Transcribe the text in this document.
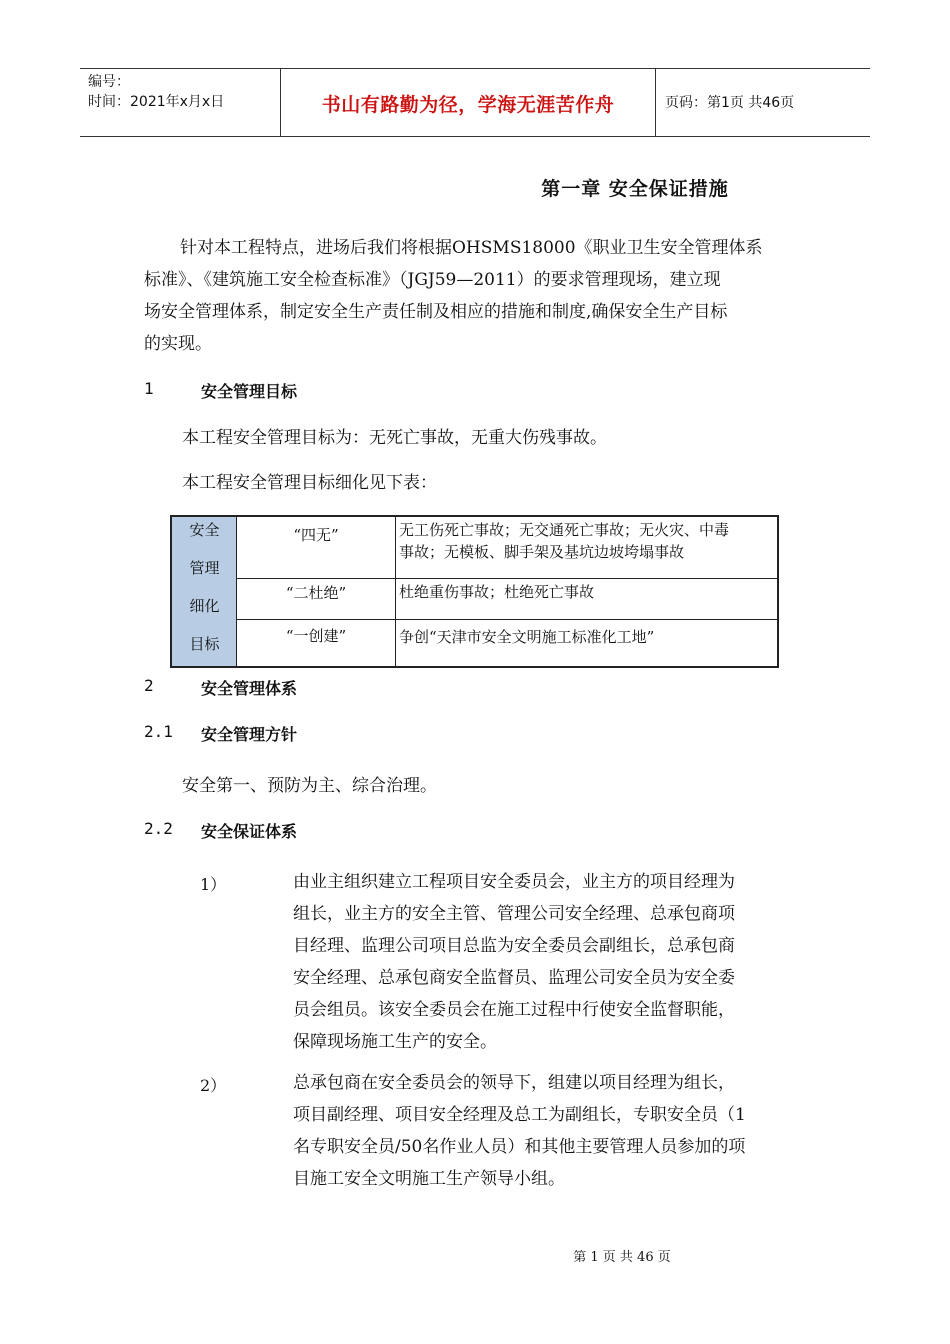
编号：
时间：2021年x月x日	书山有路勤为径，学海无涯苦作舟	页码：第1页 共46页
第一章 安全保证措施
针对本工程特点，进场后我们将根据OHSMS18000《职业卫生安全管理体系
标准》、《建筑施工安全检查标准》（JGJ59—2011）的要求管理现场，建立现
场安全管理体系，制定安全生产责任制及相应的措施和制度,确保安全生产目标
的实现。
1	安全管理目标
本工程安全管理目标为：无死亡事故，无重大伤残事故。
本工程安全管理目标细化见下表：
安全
管理
细化
目标
“四无”	无工伤死亡事故；无交通死亡事故；无火灾、中毒
事故；无模板、脚手架及基坑边坡垮塌事故
“二杜绝”	杜绝重伤事故；杜绝死亡事故
“一创建”	争创“天津市安全文明施工标准化工地”
2	安全管理体系
2.1 安全管理方针
安全第一、预防为主、综合治理。
2.2 安全保证体系
1）	由业主组织建立工程项目安全委员会，业主方的项目经理为
组长，业主方的安全主管、管理公司安全经理、总承包商项
目经理、监理公司项目总监为安全委员会副组长，总承包商
安全经理、总承包商安全监督员、监理公司安全员为安全委
员会组员。该安全委员会在施工过程中行使安全监督职能，
保障现场施工生产的安全。
2）	总承包商在安全委员会的领导下，组建以项目经理为组长，
项目副经理、项目安全经理及总工为副组长，专职安全员（1
名专职安全员/50名作业人员）和其他主要管理人员参加的项
目施工安全文明施工生产领导小组。
第 1 页 共 46 页
